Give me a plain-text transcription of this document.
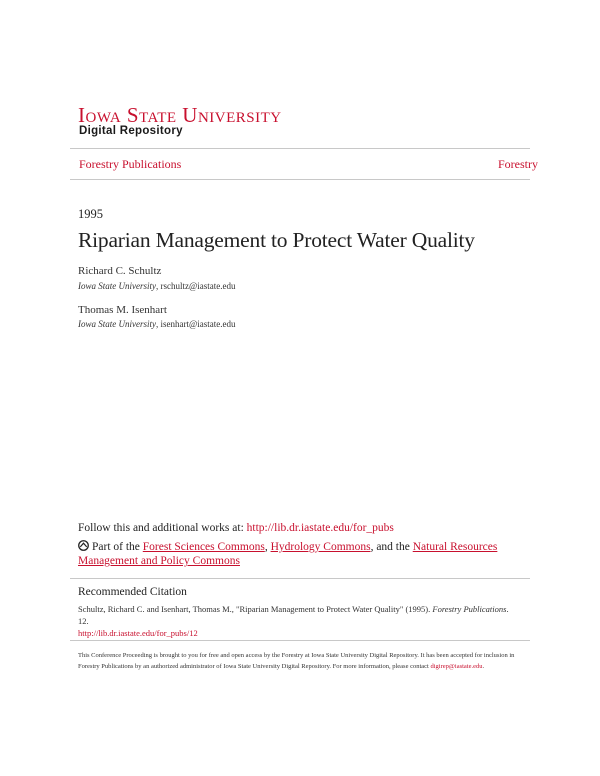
Iowa State University
Digital Repository
Forestry Publications	Forestry
1995
Riparian Management to Protect Water Quality
Richard C. Schultz
Iowa State University, rschultz@iastate.edu
Thomas M. Isenhart
Iowa State University, isenhart@iastate.edu
Follow this and additional works at: http://lib.dr.iastate.edu/for_pubs
Part of the Forest Sciences Commons, Hydrology Commons, and the Natural Resources Management and Policy Commons
Recommended Citation
Schultz, Richard C. and Isenhart, Thomas M., "Riparian Management to Protect Water Quality" (1995). Forestry Publications. 12.
http://lib.dr.iastate.edu/for_pubs/12
This Conference Proceeding is brought to you for free and open access by the Forestry at Iowa State University Digital Repository. It has been accepted for inclusion in Forestry Publications by an authorized administrator of Iowa State University Digital Repository. For more information, please contact digirep@iastate.edu.
